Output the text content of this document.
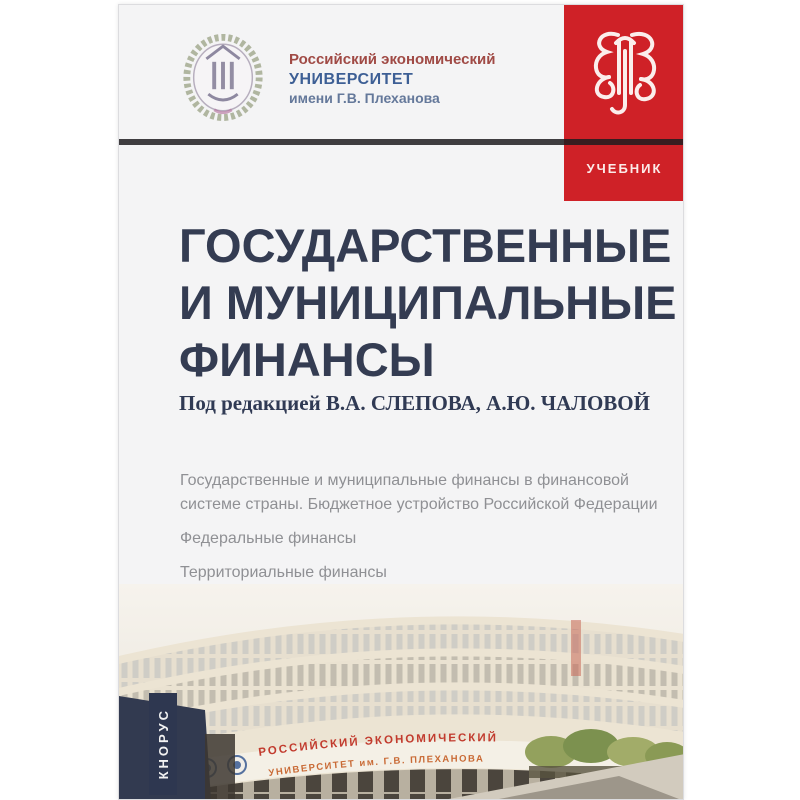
Российский экономический
УНИВЕРСИТЕТ
имени Г.В. Плеханова
УЧЕБНИК
ГОСУДАРСТВЕННЫЕ
И МУНИЦИПАЛЬНЫЕ
ФИНАНСЫ
Под редакцией В.А. СЛЕПОВА, А.Ю. ЧАЛОВОЙ
Государственные и муниципальные финансы в финансовой системе страны. Бюджетное устройство Российской Федерации
Федеральные финансы
Территориальные финансы
РОССИЙСКИЙ ЭКОНОМИЧЕСКИЙ
УНИВЕРСИТЕТ им. Г.В. ПЛЕХАНОВА
КНОРУС
